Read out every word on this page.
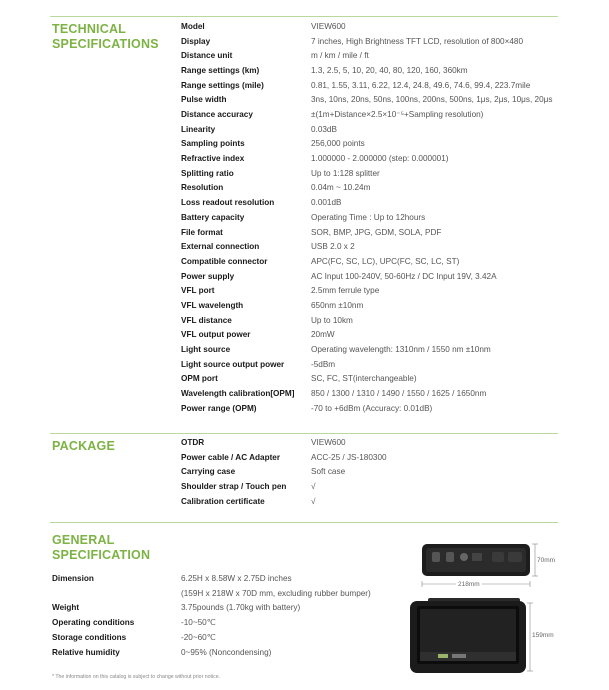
TECHNICAL
SPECIFICATIONS
Model	VIEW600
Display	7 inches, High Brightness TFT LCD, resolution of 800×480
Distance unit	m / km / mile / ft
Range settings (km)	1.3, 2.5, 5, 10, 20, 40, 80, 120, 160, 360km
Range settings (mile)	0.81, 1.55, 3.11, 6.22, 12.4, 24.8, 49.6, 74.6, 99.4, 223.7mile
Pulse width	3ns, 10ns, 20ns, 50ns, 100ns, 200ns, 500ns, 1μs, 2μs, 10μs, 20μs
Distance accuracy	±(1m+Distance×2.5×10⁻⁵+Sampling resolution)
Linearity	0.03dB
Sampling points	256,000 points
Refractive index	1.000000 - 2.000000 (step: 0.000001)
Splitting ratio	Up to 1:128 splitter
Resolution	0.04m ~ 10.24m
Loss readout resolution	0.001dB
Battery capacity	Operating Time : Up to 12hours
File format	SOR, BMP, JPG, GDM, SOLA, PDF
External connection	USB 2.0 x 2
Compatible connector	APC(FC, SC, LC), UPC(FC, SC, LC, ST)
Power supply	AC Input 100-240V, 50-60Hz / DC Input 19V, 3.42A
VFL port	2.5mm ferrule type
VFL wavelength	650nm ±10nm
VFL distance	Up to 10km
VFL output power	20mW
Light source	Operating wavelength: 1310nm / 1550 nm ±10nm
Light source output power	-5dBm
OPM port	SC, FC, ST(interchangeable)
Wavelength calibration[OPM] 850 / 1300 / 1310 / 1490 / 1550 / 1625 / 1650nm
Power range (OPM)	-70 to +6dBm (Accuracy: 0.01dB)
PACKAGE	OTDR	VIEW600
Power cable / AC Adapter	ACC-25 / JS-180300
Carrying case	Soft case
Shoulder strap / Touch pen	√
Calibration certificate	√
GENERAL
SPECIFICATION
Dimension	6.25H x 8.58W x 2.75D inches
(159H x 218W x 70D mm, excluding rubber bumper)
Weight	3.75pounds (1.70kg with battery)
Operating conditions	-10~50℃
Storage conditions	-20~60℃
Relative humidity	0~95% (Noncondensing)
70mm
218mm
159mm
* The information on this catalog is subject to change without prior notice.
